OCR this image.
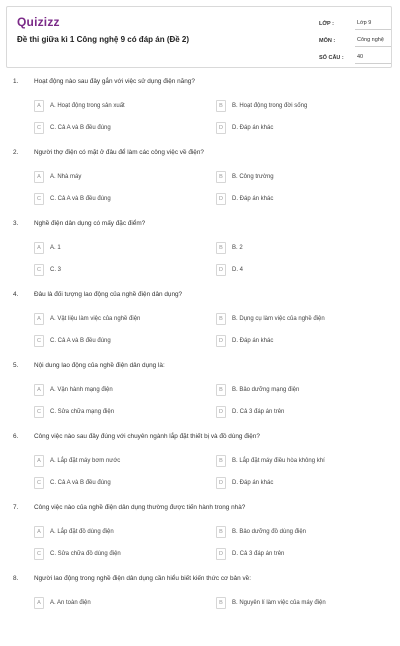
Quizizz
Đề thi giữa kì 1 Công nghệ 9 có đáp án (Đề 2)
LỚP :	Lớp 9
MÔN :	Công nghệ
SỐ CÂU :	40
1. Hoạt động nào sau đây gắn với việc sử dụng điện năng?
A	A. Hoạt động trong sản xuất	B	B. Hoạt động trong đời sống
C	C. Cả A và B đều đúng	D	D. Đáp án khác
2. Người thợ điện có mặt ở đâu để làm các công việc về điện?
A	A. Nhà máy	B	B. Công trường
C	C. Cả A và B đều đúng	D	D. Đáp án khác
3. Nghề điện dân dụng có mấy đặc điểm?
A	A. 1	B	B. 2
C	C. 3	D	D. 4
4. Đâu là đối tượng lao động của nghề điện dân dụng?
A	A. Vật liệu làm việc của nghề điện	B	B. Dụng cụ làm việc của nghề điện
C	C. Cả A và B đều đúng	D	D. Đáp án khác
5. Nội dung lao động của nghề điện dân dụng là:
A	A. Vận hành mạng điện	B	B. Bảo dưỡng mạng điện
C	C. Sửa chữa mạng điện	D	D. Cả 3 đáp án trên
6. Công việc nào sau đây đúng với chuyên ngành lắp đặt thiết bị và đồ dùng điện?
A	A. Lắp đặt máy bơm nước	B	B. Lắp đặt máy điều hòa không khí
C	C. Cả A và B đều đúng	D	D. Đáp án khác
7. Công việc nào của nghề điện dân dụng thường được tiến hành trong nhà?
A	A. Lắp đặt đồ dùng điện	B	B. Bảo dưỡng đồ dùng điện
C	C. Sửa chữa đồ dùng điện	D	D. Cả 3 đáp án trên
8. Người lao động trong nghề điện dân dụng cần hiểu biết kiến thức cơ bản về:
A	A. An toàn điện	B	B. Nguyên lí làm việc của máy điện
